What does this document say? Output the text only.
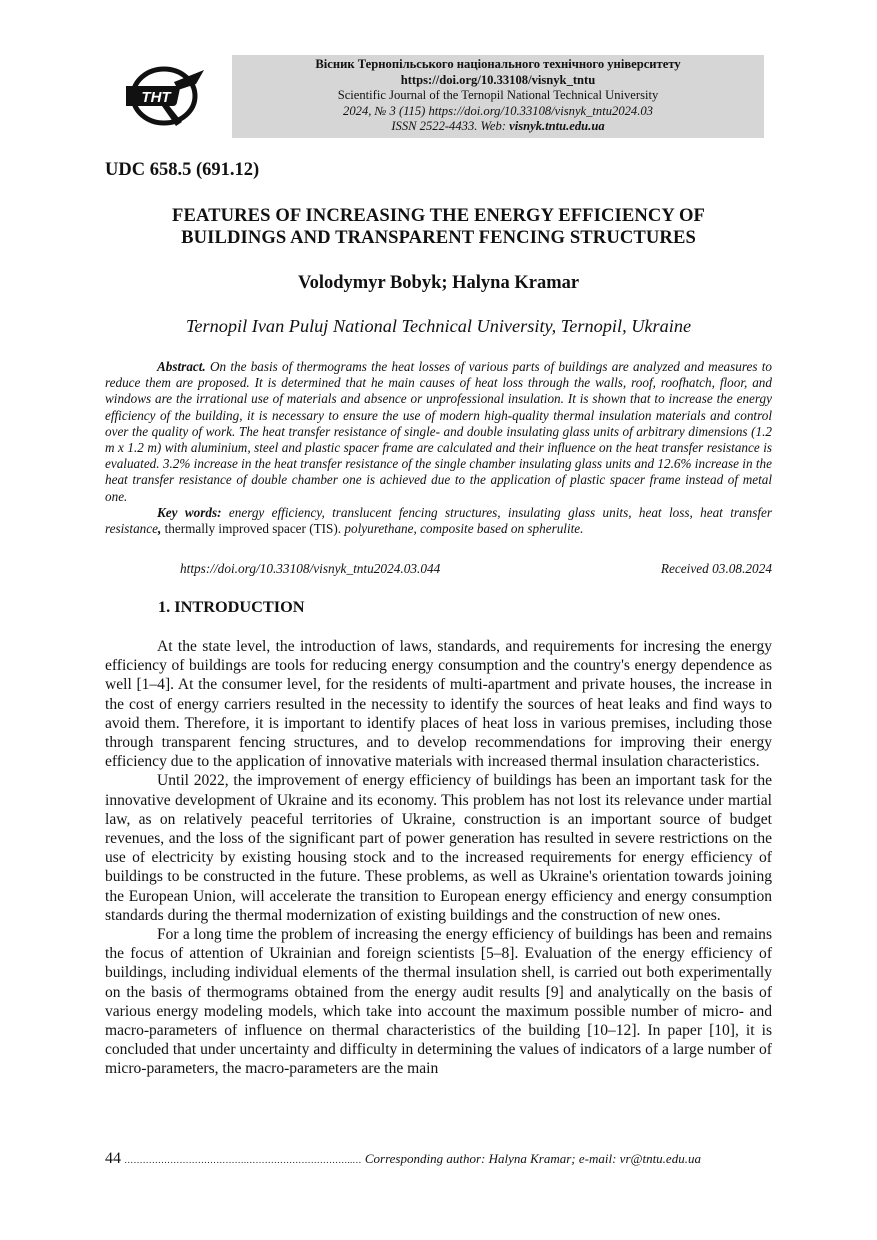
ТНТ
Вісник Тернопільського національного технічного університету
https://doi.org/10.33108/visnyk_tntu
Scientific Journal of the Ternopil National Technical University
2024, № 3 (115) https://doi.org/10.33108/visnyk_tntu2024.03
ISSN 2522-4433. Web: visnyk.tntu.edu.ua
UDC 658.5 (691.12)
FEATURES OF INCREASING THE ENERGY EFFICIENCY OF
BUILDINGS AND TRANSPARENT FENCING STRUCTURES
Volodymyr Bobyk; Halyna Kramar
Ternopil Ivan Puluj National Technical University, Ternopil, Ukraine

Abstract. On the basis of thermograms the heat losses of various parts of buildings are analyzed and measures to reduce them are proposed. It is determined that he main causes of heat loss through the walls, roof, roofhatch, floor, and windows are the irrational use of materials and absence or unprofessional insulation. It is shown that to increase the energy efficiency of the building, it is necessary to ensure the use of modern high-quality thermal insulation materials and control over the quality of work. The heat transfer resistance of single- and double insulating glass units of arbitrary dimensions (1.2 m x 1.2 m) with aluminium, steel and plastic spacer frame are calculated and their influence on the heat transfer resistance is evaluated. 3.2% increase in the heat transfer resistance of the single chamber insulating glass units and 12.6% increase in the heat transfer resistance of double chamber one is achieved due to the application of plastic spacer frame instead of metal one.

Key words: energy efficiency, translucent fencing structures, insulating glass units, heat loss, heat transfer resistance, thermally improved spacer (TIS). polyurethane, composite based on spherulite.

https://doi.org/10.33108/visnyk_tntu2024.03.044	Received 03.08.2024
1. INTRODUCTION

At the state level, the introduction of laws, standards, and requirements for incresing the energy efficiency of buildings are tools for reducing energy consumption and the country's energy dependence as well [1–4]. At the consumer level, for the residents of multi-apartment and private houses, the increase in the cost of energy carriers resulted in the necessity to identify the sources of heat leaks and find ways to avoid them. Therefore, it is important to identify places of heat loss in various premises, including those through transparent fencing structures, and to develop recommendations for improving their energy efficiency due to the application of innovative materials with increased thermal insulation characteristics.

Until 2022, the improvement of energy efficiency of buildings has been an important task for the innovative development of Ukraine and its economy. This problem has not lost its relevance under martial law, as on relatively peaceful territories of Ukraine, construction is an important source of budget revenues, and the loss of the significant part of power generation has resulted in severe restrictions on the use of electricity by existing housing stock and to the increased requirements for energy efficiency of buildings to be constructed in the future. These problems, as well as Ukraine's orientation towards joining the European Union, will accelerate the transition to European energy efficiency and energy consumption standards during the thermal modernization of existing buildings and the construction of new ones.

For a long time the problem of increasing the energy efficiency of buildings has been and remains the focus of attention of Ukrainian and foreign scientists [5–8]. Evaluation of the energy efficiency of buildings, including individual elements of the thermal insulation shell, is carried out both experimentally on the basis of thermograms obtained from the energy audit results [9] and analytically on the basis of various energy modeling models, which take into account the maximum possible number of micro- and macro-parameters of influence on thermal characteristics of the building [10–12]. In paper [10], it is concluded that under uncertainty and difficulty in determining the values of indicators of a large number of micro-parameters, the macro-parameters are the main

44 ………………………………….……………………………..… Corresponding author: Halyna Kramar; e-mail: vr@tntu.edu.ua
